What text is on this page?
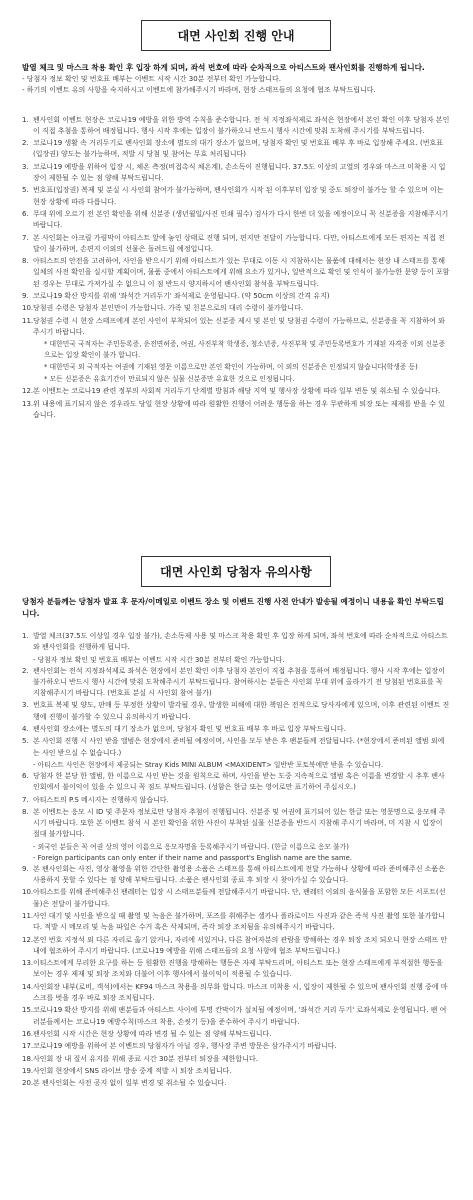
대면 사인회 진행 안내
발열 체크 및 마스크 착용 확인 후 입장 하게 되며, 좌석 번호에 따라 순차적으로 아티스트와 팬사인회를 진행하게 됩니다.
- 당첨자 정보 확인 및 번호표 배부는 이벤트 시작 시간 30분 전부터 확인 가능합니다.
- 하기의 이벤트 유의 사항을 숙지하시고 이벤트에 참가해주시기 바라며, 현장 스태프들의 요청에 협조 부탁드립니다.
1. 팬사인회 이벤트 현장은 코로나19 예방을 위한 방역 수칙을 준수합니다. 전 석 지정좌석제로 좌석은 현장에서 본인 확인 이후 당첨자 본인이 직접 추첨을 통하여 배정됩니다. 행사 시작 후에는 입장이 불가하오니 반드시 행사 시간에 맞춰 도착해 주시기를 부탁드립니다.
2. 코로나19 생활 속 거리두기로 팬사인회 장소에 별도의 대기 장소가 없으며, 당첨자 확인 및 번호표 배부 후 바로 입장해 주세요. (번호표(입장권) 양도는 불가능하며, 적발 시 당첨 및 참여는 무효 처리됩니다)
3. 코로나19 예방을 위하여 입장 시, 체온 측정(비접촉식 체온계), 손소독이 진행됩니다. 37.5도 이상의 고열의 경우와 마스크 미착용 시 입장이 제한될 수 있는 점 양해 부탁드립니다.
5. 번호표(입장권) 복제 및 분실 시 사인회 참여가 불가능하며, 팬사인회가 시작 된 이후부터 입장 및 중도 퇴장이 불가능 할 수 있으며 이는 현장 상황에 따라 다릅니다.
6. 무대 위에 오르기 전 본인 확인을 위해 신분증 (생년월일/사진 인쇄 필수) 검사가 다시 한번 더 있을 예정이오니 꼭 신분증을 지참해주시기 바랍니다.
7. 본 사인회는 아크릴 가림막이 아티스트 앞에 놓인 상태로 진행 되며, 편지만 전달이 가능합니다. 다만, 아티스트에게 모든 편지는 직접 전달이 불가하며, 손편지 이외의 선물은 돌려드릴 예정입니다.
8. 아티스트의 안전을 고려하여, 사인을 받으시기 위해 아티스트가 있는 무대로 이동 시 지참하시는 물품에 대해서는 현장 내 스태프를 통해 일체의 사전 확인을 실시할 계획이며, 물품 중에서 아티스트에게 위해 요소가 있거나, 일반적으로 확인 및 인식이 불가능한 문양 등이 포함된 경우는 무대로 가져가실 수 없으니 이 점 반드시 양지하시어 팬사인회 참석을 부탁드립니다.
9. 코로나19 확산 방지를 위해 '좌석간 거리두기' 좌석제로 운영됩니다. (약 50cm 이상의 간격 유지)
10. 당첨권 수령은 당첨자 본인만이 가능합니다. 가족 및 친분으로의 대리 수령이 불가합니다.
11. 당첨권 수령 시 현장 스태프에게 본인 사인이 부착되어 있는 신분증 제시 및 본인 및 당첨권 수령이 가능하므로, 신분증을 꼭 지참하여 와주시기 바랍니다.
* 대한민국 국적자는 주민등록증, 운전면허증, 여권, 사진부착 학생증, 청소년증, 사진부착 및 주민등록번호가 기재된 자격증 이외 신분증으로는 입장 확인이 불가 합니다.
* 대한민국 외 국적자는 여권에 기재된 영문 이름으로만 본인 확인이 가능하며, 이 외의 신분증은 인정되지 않습니다(학생증 등)
* 모든 신분증은 유효기간이 만료되지 않은 실물 신분증만 유효한 것으로 인정됩니다.
12. 본 이벤트는 코로나19 관련 정부의 사회적 거리두기 단계별 방침과 해당 지역 및 행사장 상황에 따라 일부 변동 및 취소될 수 있습니다.
13. 위 내용에 표기되지 않은 경우라도 당일 현장 상황에 따라 원활한 진행이 어려운 행동을 하는 경우 무관하게 퇴장 또는 제재를 받을 수 있습니다.
대면 사인회 당첨자 유의사항
당첨자 분들께는 당첨자 발표 후 문자/이메일로 이벤트 장소 및 이벤트 진행 사전 안내가 발송될 예정이니 내용을 확인 부탁드립니다.
1. 발열 체크(37.5도 이상일 경우 입장 불가), 손소독제 사용 및 마스크 착용 확인 후 입장 하게 되며, 좌석 번호에 따라 순차적으로 아티스트와 팬사인회를 진행하게 됩니다.
- 당첨자 정보 확인 및 번호표 배부는 이벤트 시작 시간 30분 전부터 확인 가능합니다.
2. 팬사인회는 전석 지정좌석제로 좌석은 현장에서 본인 확인 이후 당첨자 본인이 직접 추첨을 통하여 배정됩니다. 행사 시작 후에는 입장이 불가하오니 반드시 행사 시간에 맞춰 도착해주시기 부탁드립니다. 참여하시는 분들은 사인회 무대 위에 올라가기 전 당첨된 번호표를 꼭 지참해주시기 바랍니다. (번호표 분실 시 사인회 참여 불가)
3. 번호표 복제 및 양도, 판매 등 부정한 상황이 발각될 경우, 발생한 피해에 대한 책임은 전적으로 당사자에게 있으며, 이후 관련된 이벤트 진행에 진행이 불가할 수 있으니 유의하시기 바랍니다.
4. 팬사인회 장소에는 별도의 대기 장소가 없으며, 당첨자 확인 및 번호표 배부 후 바로 입장 부탁드립니다.
5. 본 사인회 진행 시 사인 받을 앨범은 현장에서 준비될 예정이며, 사인을 모두 받은 후 팬분들께 전달됩니다. (*현장에서 준비된 앨범 외에는 사인 받으실 수 없습니다.)
- 아티스트 사인은 현장에서 제공되는 Stray Kids MINI ALBUM <MAXIDENT> 일반반 포토북에만 받을 수 있습니다.
6. 당첨자 한 분당 한 앨범, 한 이름으로 사인 받는 것을 원칙으로 하며, 사인을 받는 도중 지속적으로 앨범 혹은 이름을 변경할 시 추후 팬사인회에서 불이익이 있을 수 있으니 꼭 점도 부탁드립니다. (성함은 한글 또는 영어로만 표기하여 주십시오.)
7. 아티스트의 P.S 메시지는 진행하지 않습니다.
8. 본 이벤트는 응모 시 ID 및 주문자 정보로만 당첨자 추첨이 진행됩니다. 신분증 및 여권에 표기되어 있는 한글 또는 영문명으로 응모해 주시기 바랍니다. 또한 본 이벤트 참석 시 본인 확인을 위한 사진이 부착된 실물 신분증을 반드시 지참해 주시기 바라며, 미 지참 시 입장이 절대 불가합니다.
- 외국인 분들은 꼭 여권 상의 영어 이름으로 응모자명을 등록해주시기 바랍니다. (한글 이름으로 응모 불가)
- Foreign participants can only enter if their name and passport's English name are the same.
9. 본 팬사인회는 사진, 영상 촬영을 위한 간단한 촬영용 소품은 스태프를 통해 아티스트에게 전달 가능하나 상황에 따라 준비해주신 소품은 사용하지 못할 수 있다는 점 양해 부탁드립니다. 소품은 팬사인회 종료 후 퇴장 시 찾아가실 수 있습니다.
10. 아티스트를 위해 준비해주신 팬레터는 입장 시 스태프분들께 전달해주시기 바랍니다. 단, 팬레터 이외의 음식물을 포함한 모든 서포트(선물)은 전달이 불가합니다.
11. 사인 대기 및 사인을 받으실 때 촬영 및 녹음은 불가하며, 포즈를 취해주는 셀카나 폴라로이드 사진과 같은 즉석 사진 촬영 또한 불가합니다. 적발 시 메모리 및 녹음 파일은 수거 혹은 삭제되며, 즉각 퇴장 조치됨을 유의해주시기 바랍니다.
12. 본인 번호 지정석 외 다른 자리로 옮기 앉거나, 자리에 서있거나, 다른 참여자분의 관람을 방해하는 경우 퇴장 조치 되오니 현장 스태프 안내에 협조하여 주시기 바랍니다. (코로나19 예방을 위해 스태프들의 요청 사항에 협조 부탁드립니다.)
13. 이티스트에게 무리한 요구를 하는 등 원활한 진행을 방해하는 행동은 자제 부탁드리며, 아티스트 또는 현장 스태프에게 부적절한 행동을 보이는 경우 제재 및 퇴장 조치와 더불어 이후 행사에서 불이익이 적용될 수 있습니다.
14. 사인회장 내부(로비, 객석)에서는 KF94 마스크 착용을 의무화 합니다. 마스크 미착용 시, 입장이 제한될 수 있으며 팬사인회 진행 중에 마스크를 벗을 경우 바로 퇴장 조치됩니다.
15. 코로나19 확산 방지를 위해 팬분들과 아티스트 사이에 투명 칸막이가 설치될 예정이며, '좌석간 거리 두기' 로좌석제로 운영됩니다. 팬 여러분들께서는 코로나19 예방수칙(마스크 착용, 손씻기 등)을 준수하여 주시기 바랍니다.
16. 팬사인회 시작 시간은 현장 상황에 따라 변경 될 수 있는 점 양해 부탁드립니다.
17. 코로나19 예방을 위하여 본 이벤트의 당첨자가 아닐 경우, 행사장 주변 방문은 삼가주시기 바랍니다.
18. 사인회 장 내 질서 유지를 위해 종료 시간 30분 전부터 퇴장을 제한합니다.
19. 사인회 현장에서 SNS 라이브 방송 중계 적발 시 퇴장 조치됩니다.
20. 본 팬사인회는 사전 공지 없이 일부 변경 및 취소될 수 있습니다.
